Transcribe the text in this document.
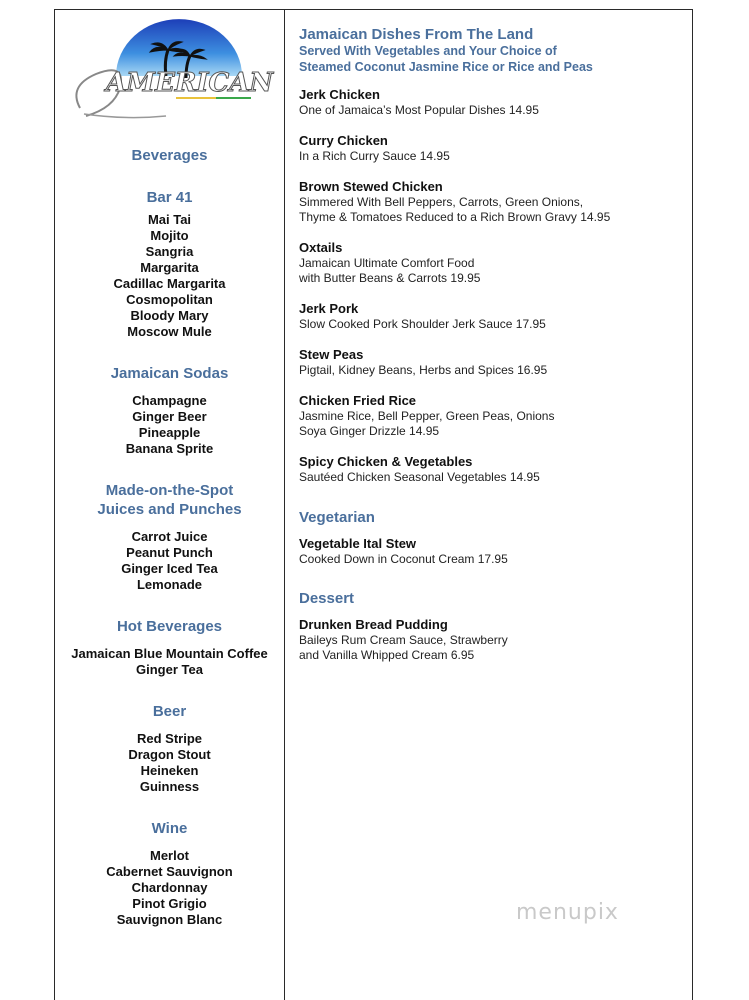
AMERICAN
Beverages
Bar 41
Mai Tai
Mojito
Sangria
Margarita
Cadillac Margarita
Cosmopolitan
Bloody Mary
Moscow Mule
Jamaican Sodas
Champagne
Ginger Beer
Pineapple
Banana Sprite
Made-on-the-Spot
Juices and Punches
Carrot Juice
Peanut Punch
Ginger Iced Tea
Lemonade
Hot Beverages
Jamaican Blue Mountain Coffee
Ginger Tea
Beer
Red Stripe
Dragon Stout
Heineken
Guinness
Wine
Merlot
Cabernet Sauvignon
Chardonnay
Pinot Grigio
Sauvignon Blanc
Jamaican Dishes From The Land
Served With Vegetables and Your Choice of
Steamed Coconut Jasmine Rice or Rice and Peas
Jerk Chicken
One of Jamaica’s Most Popular Dishes 14.95
Curry Chicken
In a Rich Curry Sauce 14.95
Brown Stewed Chicken
Simmered With Bell Peppers, Carrots, Green Onions,
Thyme & Tomatoes Reduced to a Rich Brown Gravy 14.95
Oxtails
Jamaican Ultimate Comfort Food
with Butter Beans & Carrots 19.95
Jerk Pork
Slow Cooked Pork Shoulder Jerk Sauce 17.95
Stew Peas
Pigtail, Kidney Beans, Herbs and Spices 16.95
Chicken Fried Rice
Jasmine Rice, Bell Pepper, Green Peas, Onions
Soya Ginger Drizzle 14.95
Spicy Chicken & Vegetables
Sautéed Chicken Seasonal Vegetables 14.95
Vegetarian
Vegetable Ital Stew
Cooked Down in Coconut Cream 17.95
Dessert
Drunken Bread Pudding
Baileys Rum Cream Sauce, Strawberry
and Vanilla Whipped Cream 6.95
menupix
